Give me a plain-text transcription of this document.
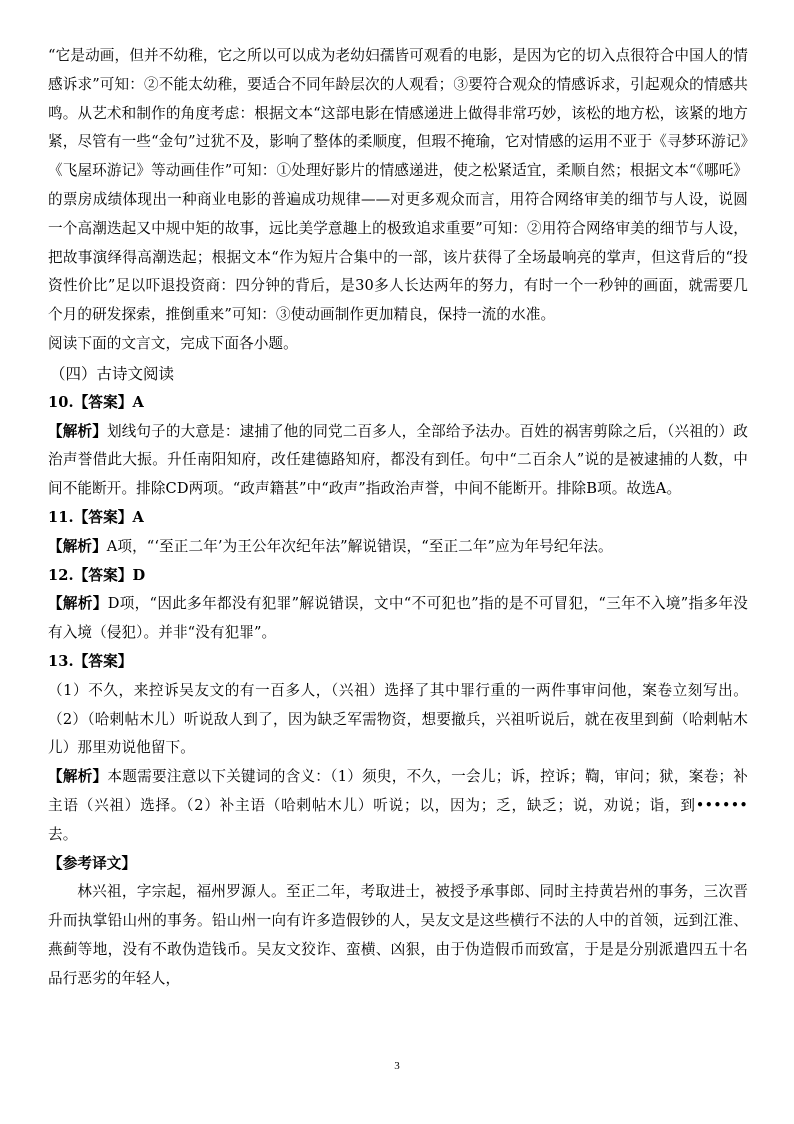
“它是动画，但并不幼稚，它之所以可以成为老幼妇孺皆可观看的电影，是因为它的切入点很符合中国人的情感诉求”可知：②不能太幼稚，要适合不同年龄层次的人观看；③要符合观众的情感诉求，引起观众的情感共鸣。从艺术和制作的角度考虑：根据文本“这部电影在情感递进上做得非常巧妙，该松的地方松，该紧的地方紧，尽管有一些“金句”过犹不及，影响了整体的柔顺度，但瑕不掩瑜，它对情感的运用不亚于《寻梦环游记》《飞屋环游记》等动画佳作”可知：①处理好影片的情感递进，使之松紧适宜，柔顺自然；根据文本“《哪吒》的票房成绩体现出一种商业电影的普遍成功规律——对更多观众而言，用符合网络审美的细节与人设，说圆一个高潮迭起又中规中矩的故事，远比美学意趣上的极致追求重要”可知：②用符合网络审美的细节与人设，把故事演绎得高潮迭起；根据文本“作为短片合集中的一部，该片获得了全场最响亮的掌声，但这背后的“投资性价比”足以吓退投资商：四分钟的背后，是30多人长达两年的努力，有时一个一秒钟的画面，就需要几个月的研发探索，推倒重来”可知：③使动画制作更加精良，保持一流的水准。

阅读下面的文言文，完成下面各小题。

（四）古诗文阅读

10.【答案】A

【解析】划线句子的大意是：逮捕了他的同党二百多人，全部给予法办。百姓的祸害剪除之后，（兴祖的）政治声誉借此大振。升任南阳知府，改任建德路知府，都没有到任。句中“二百余人”说的是被逮捕的人数，中间不能断开。排除CD两项。“政声籍甚”中“政声”指政治声誉，中间不能断开。排除B项。故选A。

11.【答案】A

【解析】A项，“‘至正二年’为王公年次纪年法”解说错误，“至正二年”应为年号纪年法。

12.【答案】D

【解析】D项，“因此多年都没有犯罪”解说错误，文中“不可犯也”指的是不可冒犯，“三年不入境”指多年没有入境（侵犯）。并非“没有犯罪”。

13.【答案】

（1）不久，来控诉吴友文的有一百多人，（兴祖）选择了其中罪行重的一两件事审问他，案卷立刻写出。（2）（哈剌帖木儿）听说敌人到了，因为缺乏军需物资，想要撤兵，兴祖听说后，就在夜里到蓟（哈剌帖木儿）那里劝说他留下。

【解析】本题需要注意以下关键词的含义：（1）须臾，不久，一会儿；诉，控诉；鞫，审问；狱，案卷；补主语（兴祖）选择。（2）补主语（哈剌帖木儿）听说；以，因为；乏，缺乏；说，劝说；诣，到••••••去。

【参考译文】

林兴祖，字宗起，福州罗源人。至正二年，考取进士，被授予承事郎、同时主持黄岩州的事务，三次晋升而执掌铅山州的事务。铅山州一向有许多造假钞的人，吴友文是这些横行不法的人中的首领，远到江淮、燕蓟等地，没有不敢伪造钱币。吴友文狡诈、蛮横、凶狠，由于伪造假币而致富，于是是分别派遣四五十名品行恶劣的年轻人，

3
